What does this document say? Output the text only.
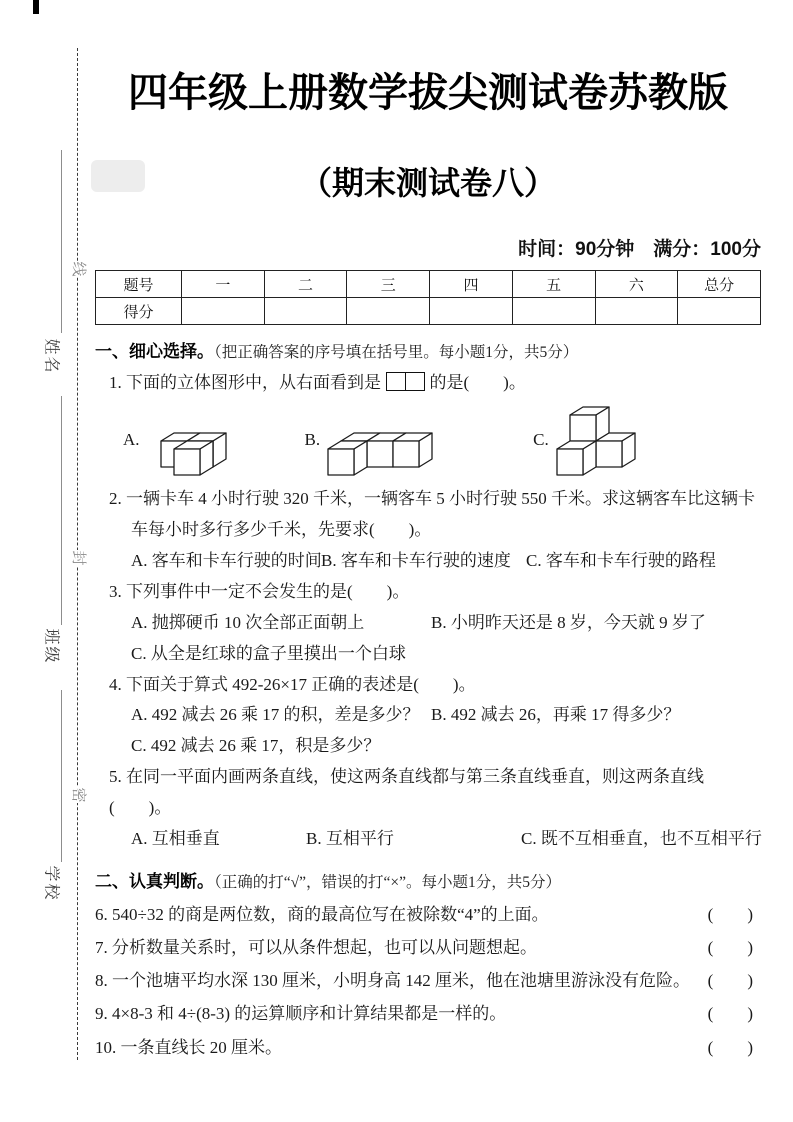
线
封
密
姓名
班级
学校
四年级上册数学拔尖测试卷苏教版
（期末测试卷八）
时间：90分钟　满分：100分
题号	一	二	三	四	五	六	总分
得分							
一、细心选择。（把正确答案的序号填在括号里。每小题1分，共5分）
1. 下面的立体图形中，从右面看到是	的是(  )。
A.	B.	C.
2. 一辆卡车 4 小时行驶 320 千米，一辆客车 5 小时行驶 550 千米。求这辆客车比这辆卡车每小时多行多少千米，先要求(  )。
A. 客车和卡车行驶的时间 B. 客车和卡车行驶的速度 C. 客车和卡车行驶的路程
3. 下列事件中一定不会发生的是(  )。
A. 抛掷硬币 10 次全部正面朝上	B. 小明昨天还是 8 岁，今天就 9 岁了
C. 从全是红球的盒子里摸出一个白球
4. 下面关于算式 492-26×17 正确的表述是(  )。
A. 492 减去 26 乘 17 的积，差是多少？ B. 492 减去 26，再乘 17 得多少？
C. 492 减去 26 乘 17，积是多少？
5. 在同一平面内画两条直线，使这两条直线都与第三条直线垂直，则这两条直线(  )。
A. 互相垂直	B. 互相平行	C. 既不互相垂直，也不互相平行
二、认真判断。（正确的打“√”，错误的打“×”。每小题1分，共5分）
6. 540÷32 的商是两位数，商的最高位写在被除数“4”的上面。	(  )
7. 分析数量关系时，可以从条件想起，也可以从问题想起。	(  )
8. 一个池塘平均水深 130 厘米，小明身高 142 厘米，他在池塘里游泳没有危险。 (  )
9. 4×8-3 和 4÷(8-3) 的运算顺序和计算结果都是一样的。	(  )
10. 一条直线长 20 厘米。	(  )
